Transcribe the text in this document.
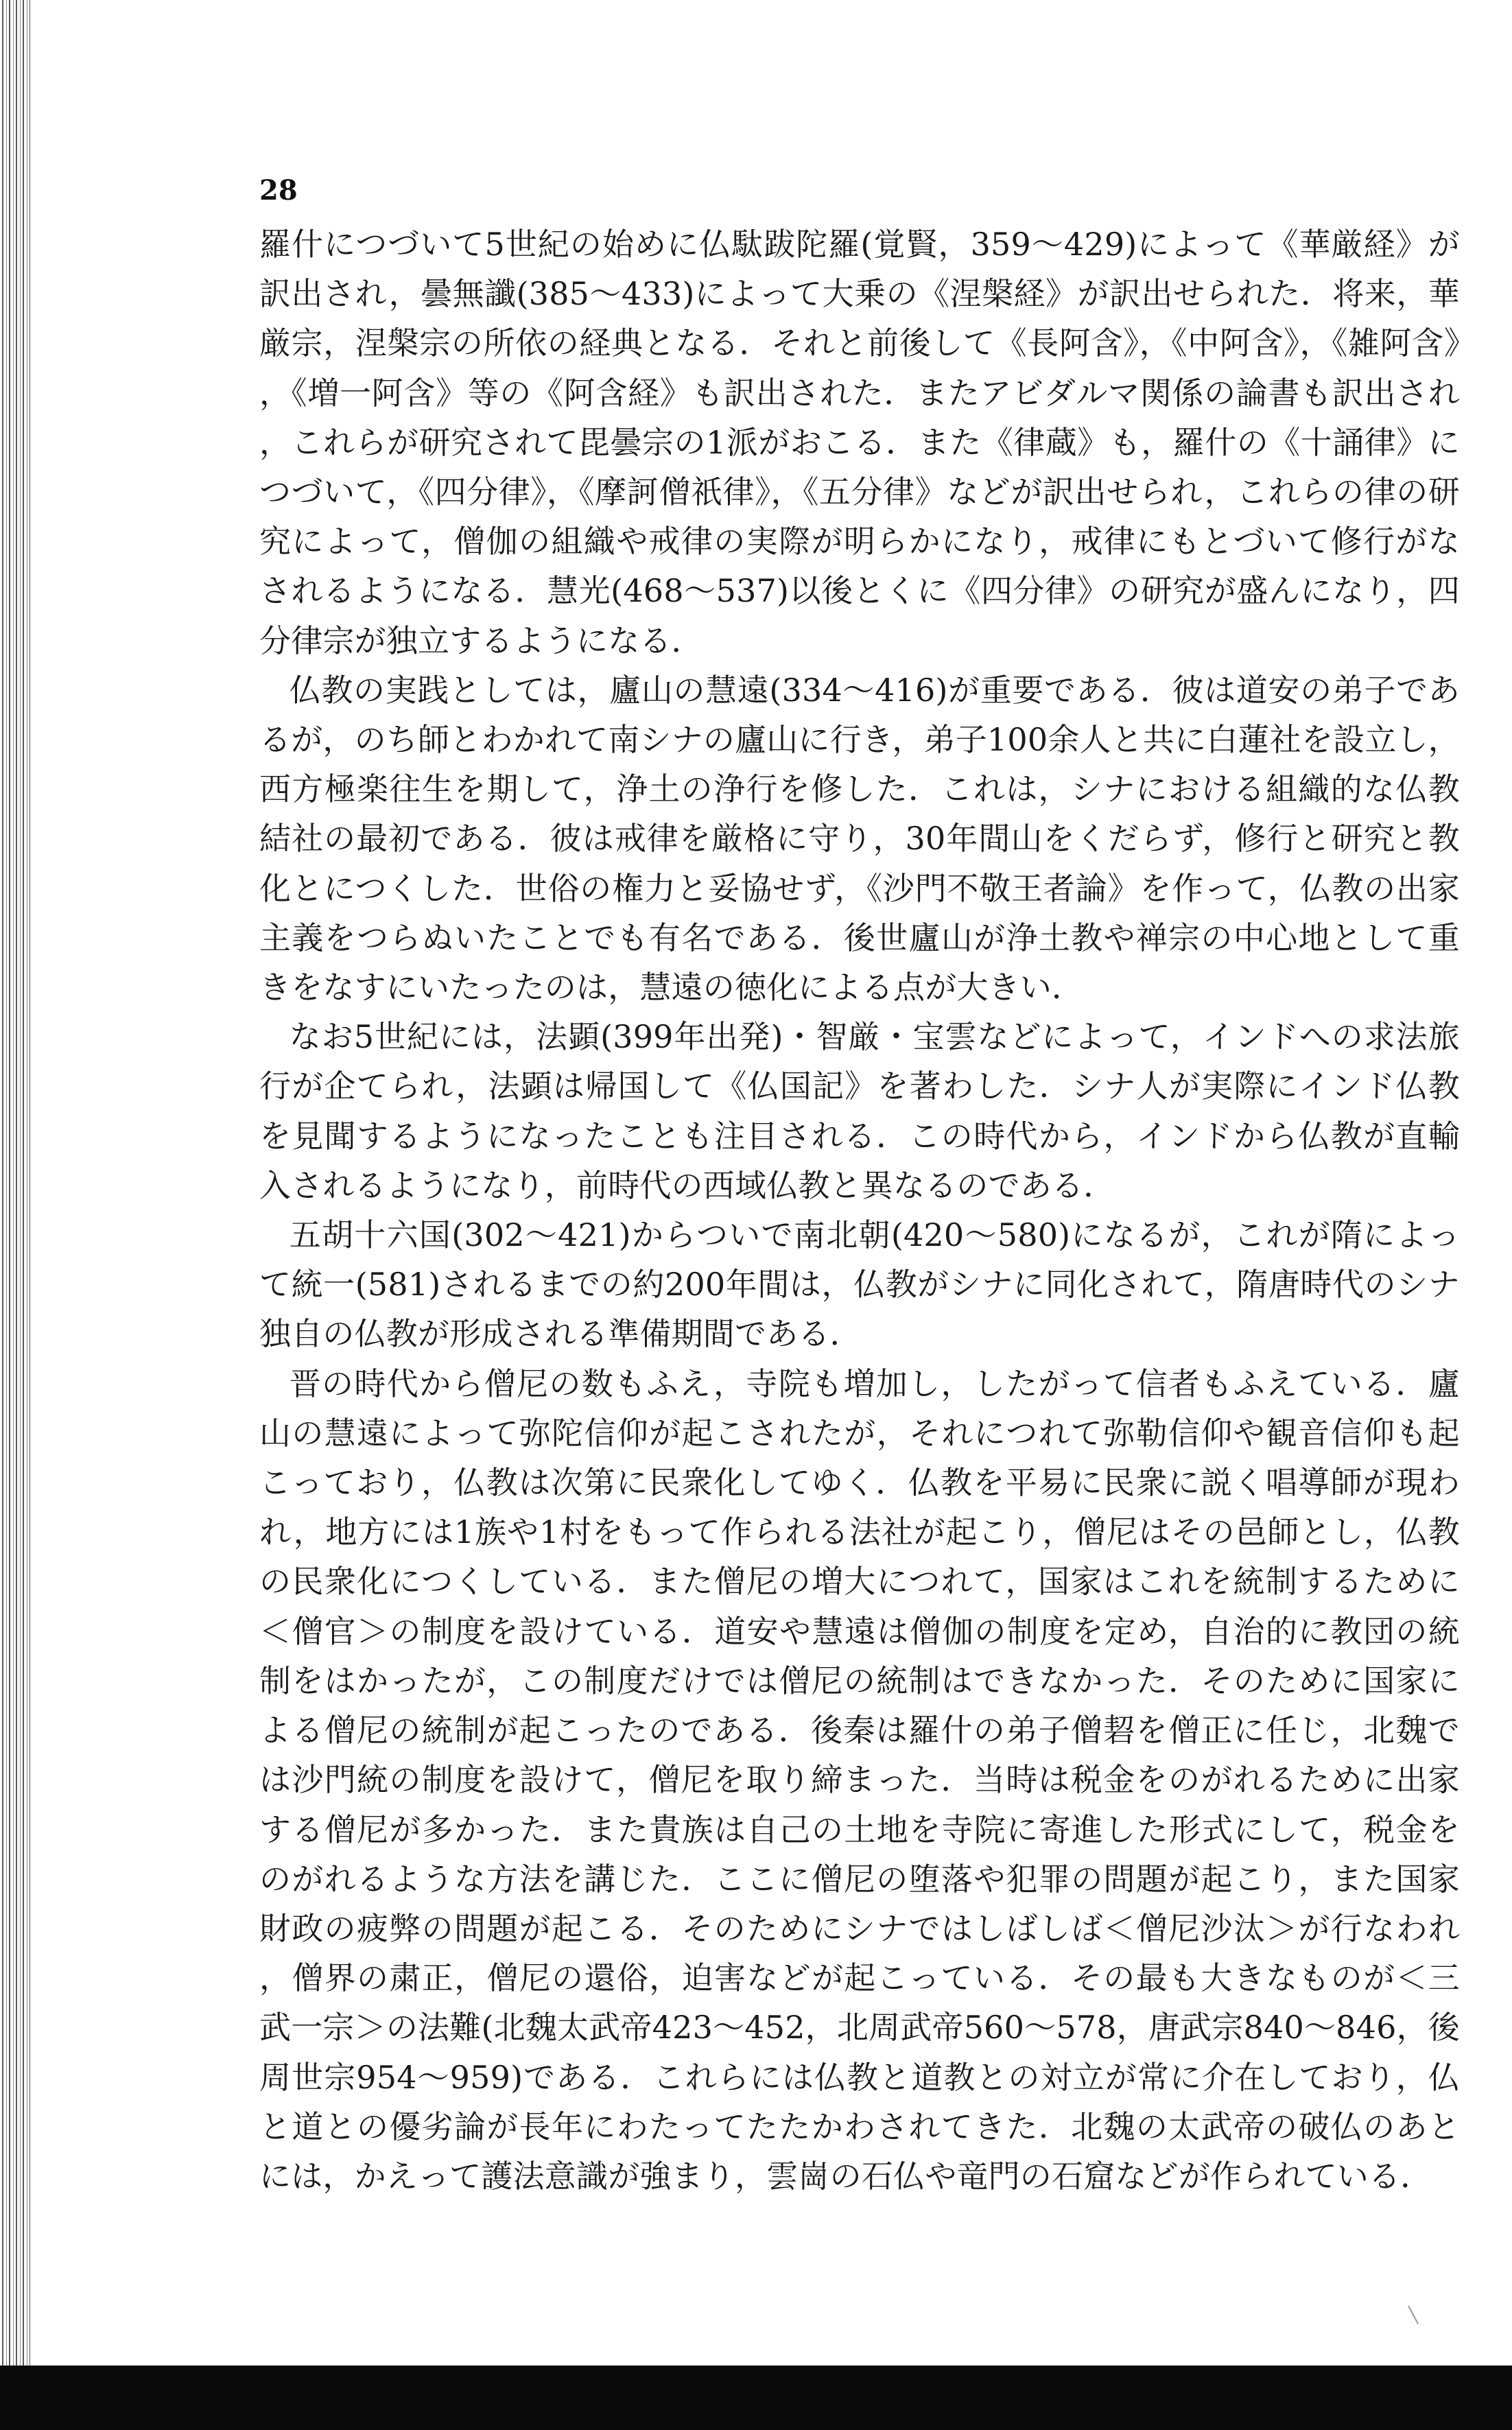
28

羅什につづいて5世紀の始めに仏駄跋陀羅(覚賢，359～429)によって《華厳経》が訳出され，曇無讖(385～433)によって大乗の《涅槃経》が訳出せられた．将来，華厳宗，涅槃宗の所依の経典となる．それと前後して《長阿含》，《中阿含》，《雑阿含》，《増一阿含》等の《阿含経》も訳出された．またアビダルマ関係の論書も訳出され，これらが研究されて毘曇宗の1派がおこる．また《律蔵》も，羅什の《十誦律》につづいて，《四分律》，《摩訶僧祇律》，《五分律》などが訳出せられ，これらの律の研究によって，僧伽の組織や戒律の実際が明らかになり，戒律にもとづいて修行がなされるようになる．慧光(468～537)以後とくに《四分律》の研究が盛んになり，四分律宗が独立するようになる．

仏教の実践としては，廬山の慧遠(334～416)が重要である．彼は道安の弟子であるが，のち師とわかれて南シナの廬山に行き，弟子100余人と共に白蓮社を設立し，西方極楽往生を期して，浄土の浄行を修した．これは，シナにおける組織的な仏教結社の最初である．彼は戒律を厳格に守り，30年間山をくだらず，修行と研究と教化とにつくした．世俗の権力と妥協せず，《沙門不敬王者論》を作って，仏教の出家主義をつらぬいたことでも有名である．後世廬山が浄土教や禅宗の中心地として重きをなすにいたったのは，慧遠の徳化による点が大きい．

なお5世紀には，法顕(399年出発)・智厳・宝雲などによって，インドへの求法旅行が企てられ，法顕は帰国して《仏国記》を著わした．シナ人が実際にインド仏教を見聞するようになったことも注目される．この時代から，インドから仏教が直輸入されるようになり，前時代の西域仏教と異なるのである．

五胡十六国(302～421)からついで南北朝(420～580)になるが，これが隋によって統一(581)されるまでの約200年間は，仏教がシナに同化されて，隋唐時代のシナ独自の仏教が形成される準備期間である．

晋の時代から僧尼の数もふえ，寺院も増加し，したがって信者もふえている．廬山の慧遠によって弥陀信仰が起こされたが，それにつれて弥勒信仰や観音信仰も起こっており，仏教は次第に民衆化してゆく．仏教を平易に民衆に説く唱導師が現われ，地方には1族や1村をもって作られる法社が起こり，僧尼はその邑師とし，仏教の民衆化につくしている．また僧尼の増大につれて，国家はこれを統制するために＜僧官＞の制度を設けている．道安や慧遠は僧伽の制度を定め，自治的に教団の統制をはかったが，この制度だけでは僧尼の統制はできなかった．そのために国家による僧尼の統制が起こったのである．後秦は羅什の弟子僧䂮を僧正に任じ，北魏では沙門統の制度を設けて，僧尼を取り締まった．当時は税金をのがれるために出家する僧尼が多かった．また貴族は自己の土地を寺院に寄進した形式にして，税金をのがれるような方法を講じた．ここに僧尼の堕落や犯罪の問題が起こり，また国家財政の疲弊の問題が起こる．そのためにシナではしばしば＜僧尼沙汰＞が行なわれ，僧界の粛正，僧尼の還俗，迫害などが起こっている．その最も大きなものが＜三武一宗＞の法難(北魏太武帝423～452，北周武帝560～578，唐武宗840～846，後周世宗954～959)である．これらには仏教と道教との対立が常に介在しており，仏と道との優劣論が長年にわたってたたかわされてきた．北魏の太武帝の破仏のあとには，かえって護法意識が強まり，雲崗の石仏や竜門の石窟などが作られている．
